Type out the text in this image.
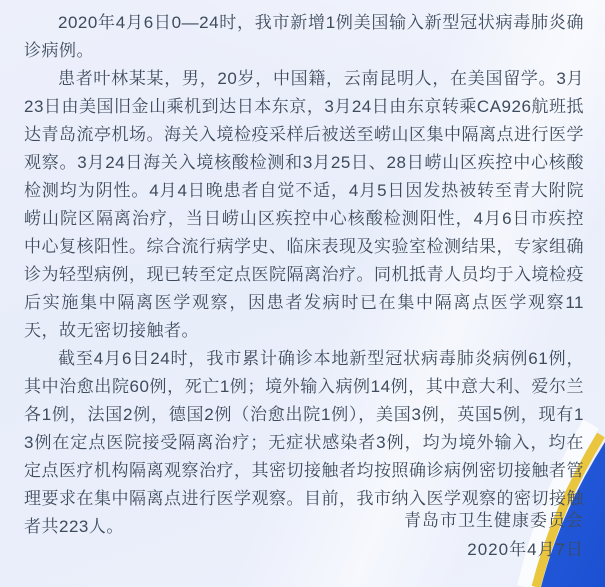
2020年4月6日0—24时，我市新增1例美国输入新型冠状病毒肺炎确诊病例。

患者叶林某某，男，20岁，中国籍，云南昆明人，在美国留学。3月23日由美国旧金山乘机到达日本东京，3月24日由东京转乘CA926航班抵达青岛流亭机场。海关入境检疫采样后被送至崂山区集中隔离点进行医学观察。3月24日海关入境核酸检测和3月25日、28日崂山区疾控中心核酸检测均为阴性。4月4日晚患者自觉不适，4月5日因发热被转至青大附院崂山院区隔离治疗，当日崂山区疾控中心核酸检测阳性，4月6日市疾控中心复核阳性。综合流行病学史、临床表现及实验室检测结果，专家组确诊为轻型病例，现已转至定点医院隔离治疗。同机抵青人员均于入境检疫后实施集中隔离医学观察，因患者发病时已在集中隔离点医学观察11天，故无密切接触者。

截至4月6日24时，我市累计确诊本地新型冠状病毒肺炎病例61例，其中治愈出院60例，死亡1例；境外输入病例14例，其中意大利、爱尔兰各1例，法国2例，德国2例（治愈出院1例），美国3例，英国5例，现有13例在定点医院接受隔离治疗；无症状感染者3例，均为境外输入，均在定点医疗机构隔离观察治疗，其密切接触者均按照确诊病例密切接触者管理要求在集中隔离点进行医学观察。目前，我市纳入医学观察的密切接触者共223人。	青岛市卫生健康委员会
2020年4月7日
